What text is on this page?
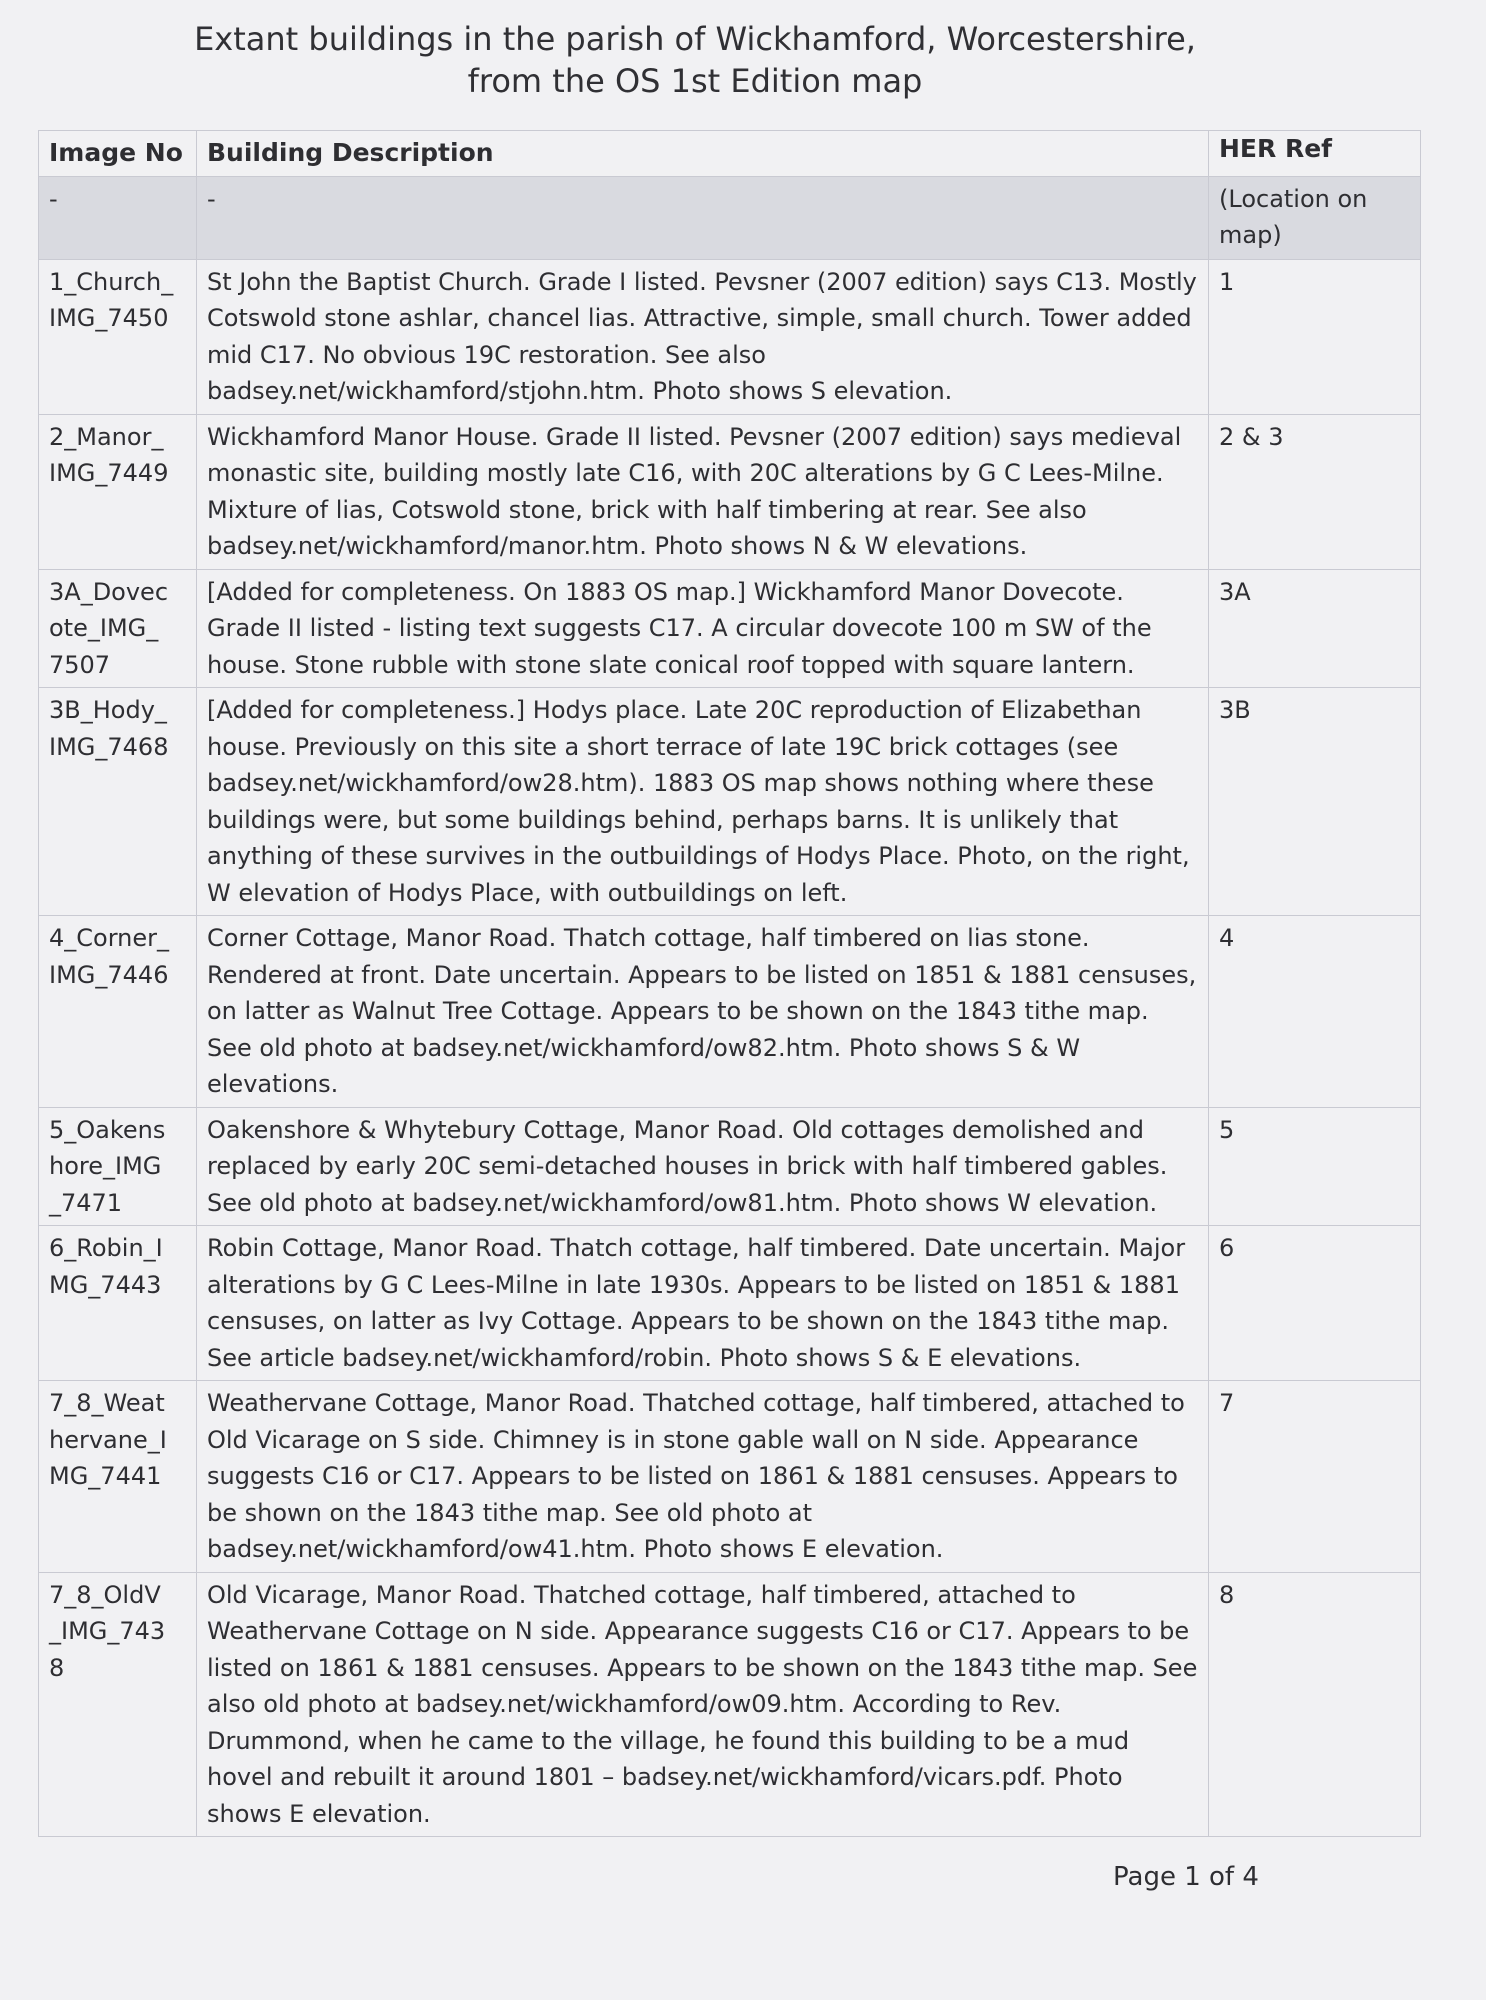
Extant buildings in the parish of Wickhamford, Worcestershire,
from the OS 1st Edition map
Image No	Building Description	HER Ref
-	-	(Location on map)
1_Church_ IMG_7450	St John the Baptist Church. Grade I listed. Pevsner (2007 edition) says C13. Mostly Cotswold stone ashlar, chancel lias. Attractive, simple, small church. Tower added mid C17. No obvious 19C restoration. See also badsey.net/wickhamford/stjohn.htm. Photo shows S elevation.	1
2_Manor_ IMG_7449	Wickhamford Manor House. Grade II listed. Pevsner (2007 edition) says medieval monastic site, building mostly late C16, with 20C alterations by G C Lees-Milne. Mixture of lias, Cotswold stone, brick with half timbering at rear. See also badsey.net/wickhamford/manor.htm. Photo shows N & W elevations.	2 & 3
3A_Dovec ote_IMG_ 7507	[Added for completeness. On 1883 OS map.] Wickhamford Manor Dovecote. Grade II listed - listing text suggests C17. A circular dovecote 100 m SW of the house. Stone rubble with stone slate conical roof topped with square lantern.	3A
3B_Hody_ IMG_7468	[Added for completeness.] Hodys place. Late 20C reproduction of Elizabethan house. Previously on this site a short terrace of late 19C brick cottages (see badsey.net/wickhamford/ow28.htm). 1883 OS map shows nothing where these buildings were, but some buildings behind, perhaps barns. It is unlikely that anything of these survives in the outbuildings of Hodys Place. Photo, on the right, W elevation of Hodys Place, with outbuildings on left.	3B
4_Corner_ IMG_7446	Corner Cottage, Manor Road. Thatch cottage, half timbered on lias stone. Rendered at front. Date uncertain. Appears to be listed on 1851 & 1881 censuses, on latter as Walnut Tree Cottage. Appears to be shown on the 1843 tithe map. See old photo at badsey.net/wickhamford/ow82.htm. Photo shows S & W elevations.	4
5_Oakens hore_IMG _7471	Oakenshore & Whytebury Cottage, Manor Road. Old cottages demolished and replaced by early 20C semi-detached houses in brick with half timbered gables. See old photo at badsey.net/wickhamford/ow81.htm. Photo shows W elevation.	5
6_Robin_I MG_7443	Robin Cottage, Manor Road. Thatch cottage, half timbered. Date uncertain. Major alterations by G C Lees-Milne in late 1930s. Appears to be listed on 1851 & 1881 censuses, on latter as Ivy Cottage. Appears to be shown on the 1843 tithe map. See article badsey.net/wickhamford/robin. Photo shows S & E elevations.	6
7_8_Weat hervane_I MG_7441	Weathervane Cottage, Manor Road. Thatched cottage, half timbered, attached to Old Vicarage on S side. Chimney is in stone gable wall on N side. Appearance suggests C16 or C17. Appears to be listed on 1861 & 1881 censuses. Appears to be shown on the 1843 tithe map. See old photo at badsey.net/wickhamford/ow41.htm. Photo shows E elevation.	7
7_8_OldV _IMG_743 8	Old Vicarage, Manor Road. Thatched cottage, half timbered, attached to Weathervane Cottage on N side. Appearance suggests C16 or C17. Appears to be listed on 1861 & 1881 censuses. Appears to be shown on the 1843 tithe map. See also old photo at badsey.net/wickhamford/ow09.htm. According to Rev. Drummond, when he came to the village, he found this building to be a mud hovel and rebuilt it around 1801 – badsey.net/wickhamford/vicars.pdf. Photo shows E elevation.	8
Page 1 of 4
